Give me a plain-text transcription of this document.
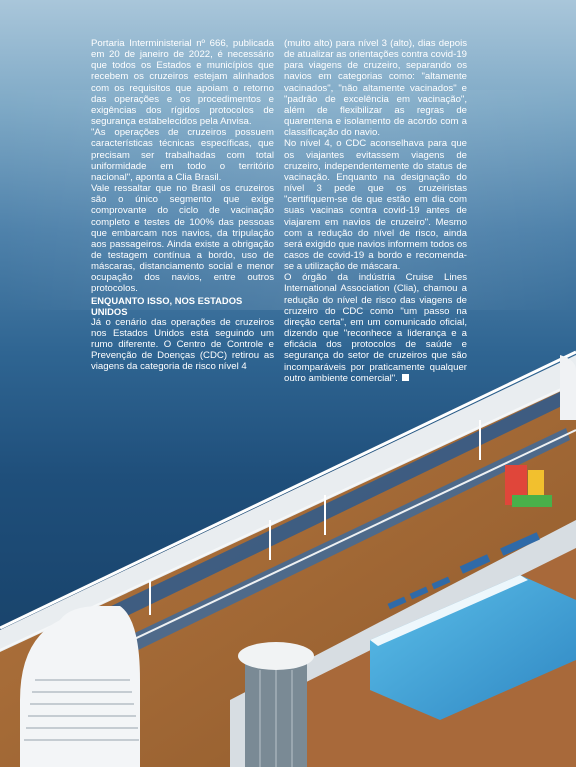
Portaria Interministerial nº 666, publicada em 20 de janeiro de 2022, é necessário que todos os Estados e municípios que recebem os cruzeiros estejam alinhados com os requisitos que apoiam o retorno das operações e os procedimentos e exigências dos rígidos protocolos de segurança estabelecidos pela Anvisa.

"As operações de cruzeiros possuem características técnicas específicas, que precisam ser trabalhadas com total uniformidade em todo o território nacional", aponta a Clia Brasil.

Vale ressaltar que no Brasil os cruzeiros são o único segmento que exige comprovante do ciclo de vacinação completo e testes de 100% das pessoas que embarcam nos navios, da tripulação aos passageiros. Ainda existe a obrigação de testagem contínua a bordo, uso de máscaras, distanciamento social e menor ocupação dos navios, entre outros protocolos.

ENQUANTO ISSO, NOS ESTADOS UNIDOS

Já o cenário das operações de cruzeiros nos Estados Unidos está seguindo um rumo diferente. O Centro de Controle e Prevenção de Doenças (CDC) retirou as viagens da categoria de risco nível 4

(muito alto) para nível 3 (alto), dias depois de atualizar as orientações contra covid-19 para viagens de cruzeiro, separando os navios em categorias como: "altamente vacinados", "não altamente vacinados" e "padrão de excelência em vacinação", além de flexibilizar as regras de quarentena e isolamento de acordo com a classificação do navio.

No nível 4, o CDC aconselhava para que os viajantes evitassem viagens de cruzeiro, independentemente do status de vacinação. Enquanto na designação do nível 3 pede que os cruzeiristas "certifiquem-se de que estão em dia com suas vacinas contra covid-19 antes de viajarem em navios de cruzeiro". Mesmo com a redução do nível de risco, ainda será exigido que navios informem todos os casos de covid-19 a bordo e recomenda-se a utilização de máscara.

O órgão da indústria Cruise Lines International Association (Clia), chamou a redução do nível de risco das viagens de cruzeiro do CDC como "um passo na direção certa", em um comunicado oficial, dizendo que "reconhece a liderança e a eficácia dos protocolos de saúde e segurança do setor de cruzeiros que são incomparáveis por praticamente qualquer outro ambiente comercial".
